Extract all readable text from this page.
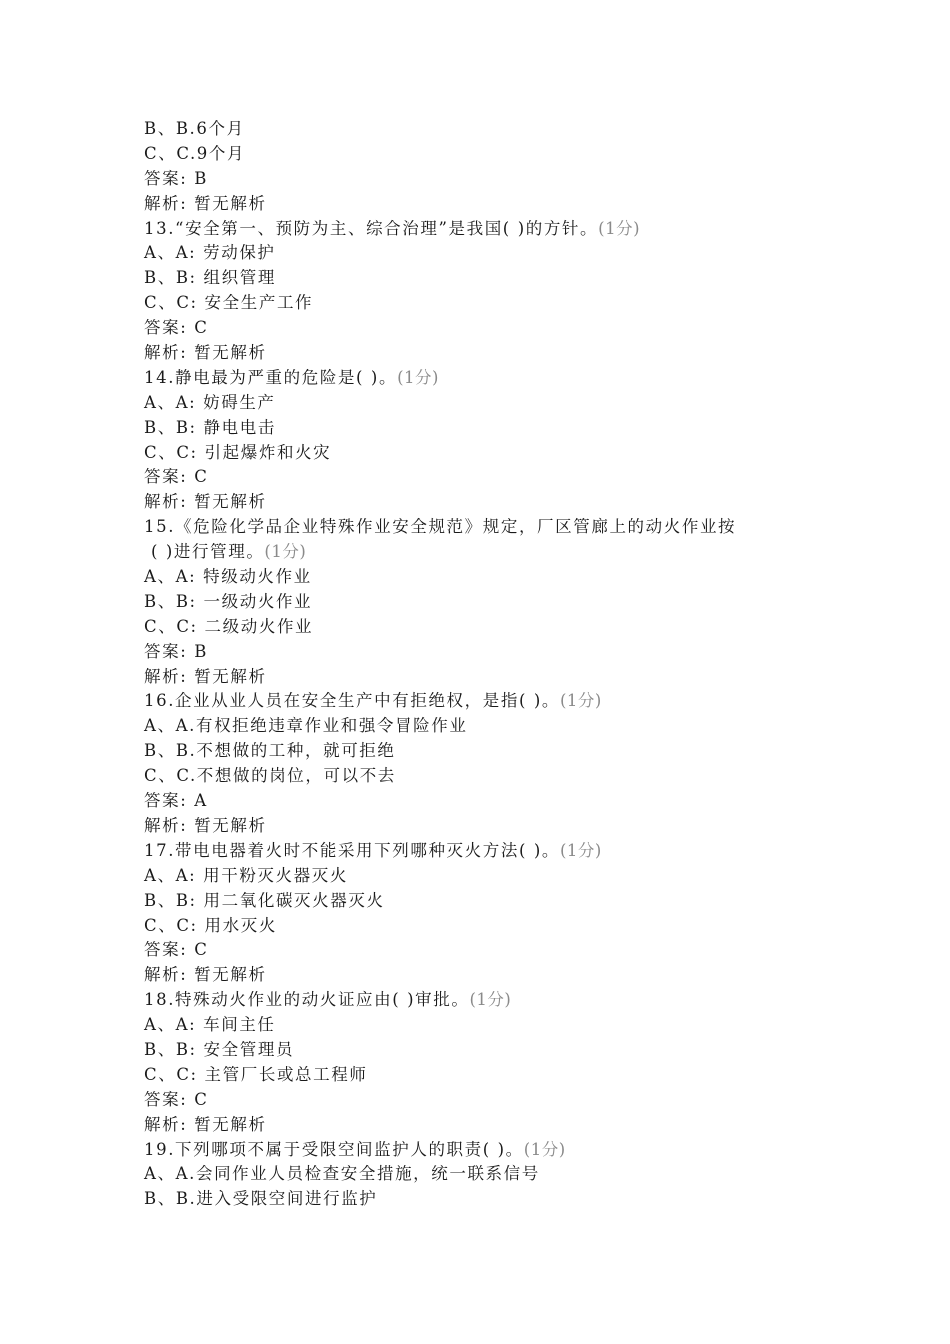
B、B.6个月
C、C.9个月
答案: B
解析: 暂无解析
13.“安全第一、预防为主、综合治理”是我国( )的方针。(1分)
A、A: 劳动保护
B、B: 组织管理
C、C: 安全生产工作
答案: C
解析: 暂无解析
14.静电最为严重的危险是( )。(1分)
A、A: 妨碍生产
B、B: 静电电击
C、C: 引起爆炸和火灾
答案: C
解析: 暂无解析
15.《危险化学品企业特殊作业安全规范》规定，厂区管廊上的动火作业按
( )进行管理。(1分)
A、A: 特级动火作业
B、B: 一级动火作业
C、C: 二级动火作业
答案: B
解析: 暂无解析
16.企业从业人员在安全生产中有拒绝权，是指( )。(1分)
A、A.有权拒绝违章作业和强令冒险作业
B、B.不想做的工种，就可拒绝
C、C.不想做的岗位，可以不去
答案: A
解析: 暂无解析
17.带电电器着火时不能采用下列哪种灭火方法( )。(1分)
A、A: 用干粉灭火器灭火
B、B: 用二氧化碳灭火器灭火
C、C: 用水灭火
答案: C
解析: 暂无解析
18.特殊动火作业的动火证应由( )审批。(1分)
A、A: 车间主任
B、B: 安全管理员
C、C: 主管厂长或总工程师
答案: C
解析: 暂无解析
19.下列哪项不属于受限空间监护人的职责( )。(1分)
A、A.会同作业人员检查安全措施，统一联系信号
B、B.进入受限空间进行监护
